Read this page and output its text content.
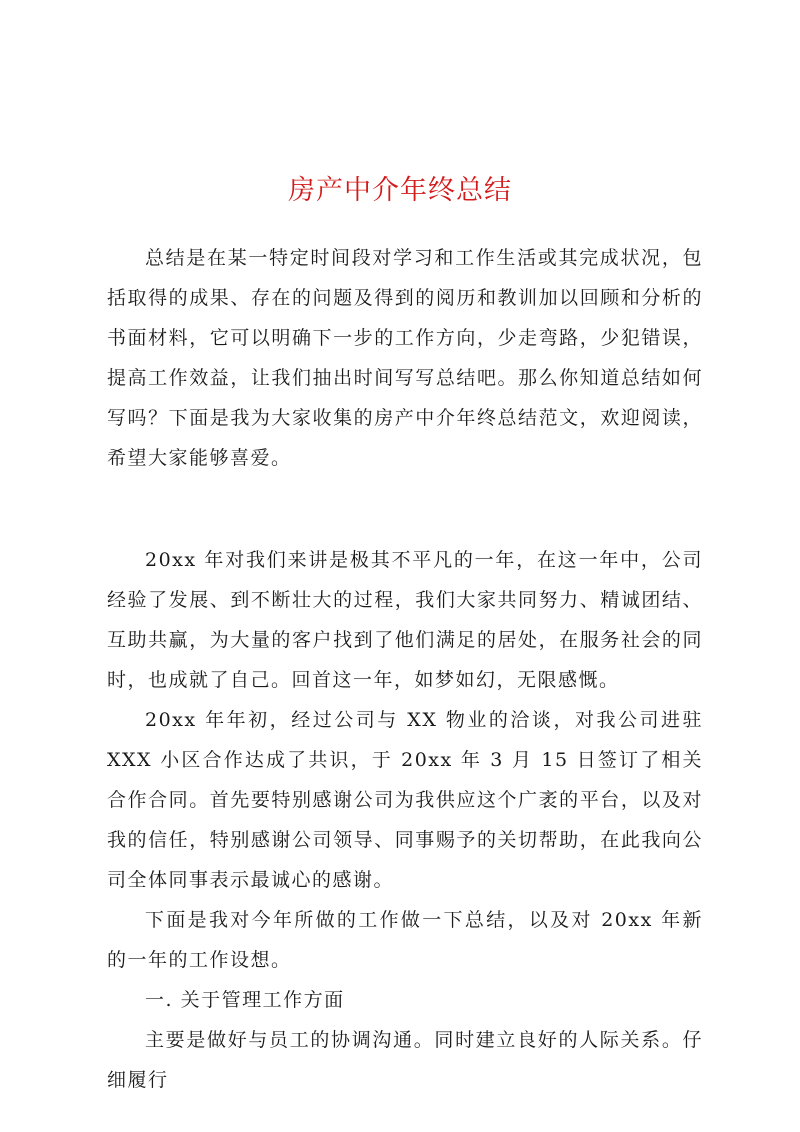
房产中介年终总结

总结是在某一特定时间段对学习和工作生活或其完成状况，包括取得的成果、存在的问题及得到的阅历和教训加以回顾和分析的书面材料，它可以明确下一步的工作方向，少走弯路，少犯错误，提高工作效益，让我们抽出时间写写总结吧。那么你知道总结如何写吗？下面是我为大家收集的房产中介年终总结范文，欢迎阅读，希望大家能够喜爱。

20xx 年对我们来讲是极其不平凡的一年，在这一年中，公司经验了发展、到不断壮大的过程，我们大家共同努力、精诚团结、互助共赢，为大量的客户找到了他们满足的居处，在服务社会的同时，也成就了自己。回首这一年，如梦如幻，无限感慨。

20xx 年年初，经过公司与 XX 物业的洽谈，对我公司进驻 XXX 小区合作达成了共识，于 20xx 年 3 月 15 日签订了相关合作合同。首先要特别感谢公司为我供应这个广袤的平台，以及对我的信任，特别感谢公司领导、同事赐予的关切帮助，在此我向公司全体同事表示最诚心的感谢。

下面是我对今年所做的工作做一下总结，以及对 20xx 年新的一年的工作设想。

一. 关于管理工作方面

主要是做好与员工的协调沟通。同时建立良好的人际关系。仔细履行
